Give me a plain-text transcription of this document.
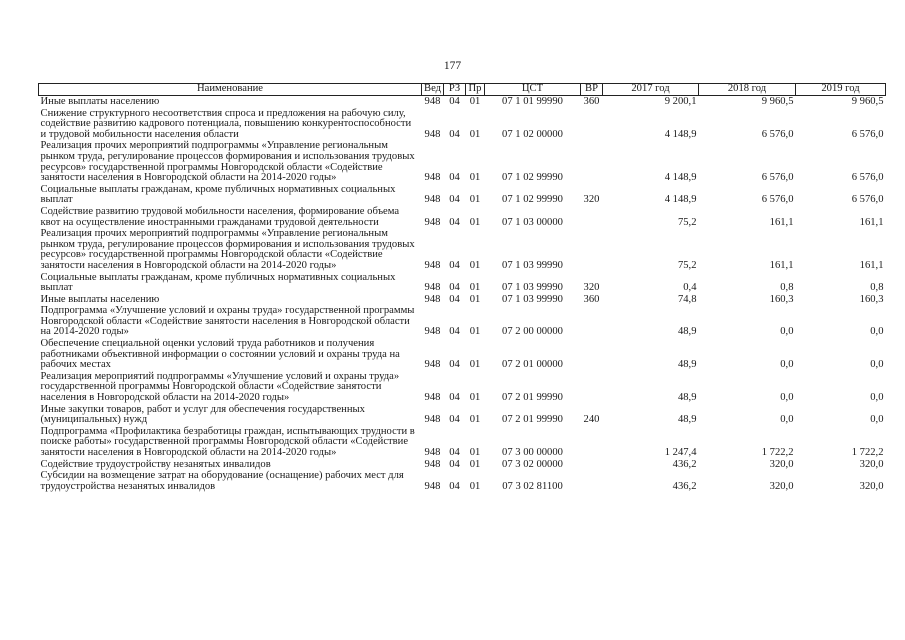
177
Наименование	Вед	РЗ	Пр	ЦСТ	ВР	2017 год	2018 год	2019 год
Иные выплаты населению	948	04	01	07 1 01 99990	360	9 200,1	9 960,5	9 960,5
Снижение структурного несоответствия спроса и предложения на рабочую силу, содействие развитию кадрового потенциала, повышению конкурентоспособности и трудовой мобильности населения области	948	04	01	07 1 02 00000		4 148,9	6 576,0	6 576,0
Реализация прочих мероприятий подпрограммы «Управление региональным рынком труда, регулирование процессов формирования и использования трудовых ресурсов» государственной программы Новгородской области «Содействие занятости населения в Новгородской области на 2014-2020 годы»	948	04	01	07 1 02 99990		4 148,9	6 576,0	6 576,0
Социальные выплаты гражданам, кроме публичных нормативных социальных выплат	948	04	01	07 1 02 99990	320	4 148,9	6 576,0	6 576,0
Содействие развитию трудовой мобильности населения, формирование объема квот на осуществление иностранными гражданами трудовой деятельности	948	04	01	07 1 03 00000		75,2	161,1	161,1
Реализация прочих мероприятий подпрограммы «Управление региональным рынком труда, регулирование процессов формирования и использования трудовых ресурсов» государственной программы Новгородской области «Содействие занятости населения в Новгородской области на 2014-2020 годы»	948	04	01	07 1 03 99990		75,2	161,1	161,1
Социальные выплаты гражданам, кроме публичных нормативных социальных выплат	948	04	01	07 1 03 99990	320	0,4	0,8	0,8
Иные выплаты населению	948	04	01	07 1 03 99990	360	74,8	160,3	160,3
Подпрограмма «Улучшение условий и охраны труда» государственной программы Новгородской области «Содействие занятости населения в Новгородской области на 2014-2020 годы»	948	04	01	07 2 00 00000		48,9	0,0	0,0
Обеспечение специальной оценки условий труда работников и получения работниками объективной информации о состоянии условий и охраны труда на рабочих местах	948	04	01	07 2 01 00000		48,9	0,0	0,0
Реализация мероприятий подпрограммы «Улучшение условий и охраны труда» государственной программы Новгородской области «Содействие занятости населения в Новгородской области на 2014-2020 годы»	948	04	01	07 2 01 99990		48,9	0,0	0,0
Иные закупки товаров, работ и услуг для обеспечения государственных (муниципальных) нужд	948	04	01	07 2 01 99990	240	48,9	0,0	0,0
Подпрограмма «Профилактика безработицы граждан, испытывающих трудности в поиске работы» государственной программы Новгородской области «Содействие занятости населения в Новгородской области на 2014-2020 годы»	948	04	01	07 3 00 00000		1 247,4	1 722,2	1 722,2
Содействие трудоустройству незанятых инвалидов	948	04	01	07 3 02 00000		436,2	320,0	320,0
Субсидии на возмещение затрат на оборудование (оснащение) рабочих мест для трудоустройства незанятых инвалидов	948	04	01	07 3 02 81100		436,2	320,0	320,0
